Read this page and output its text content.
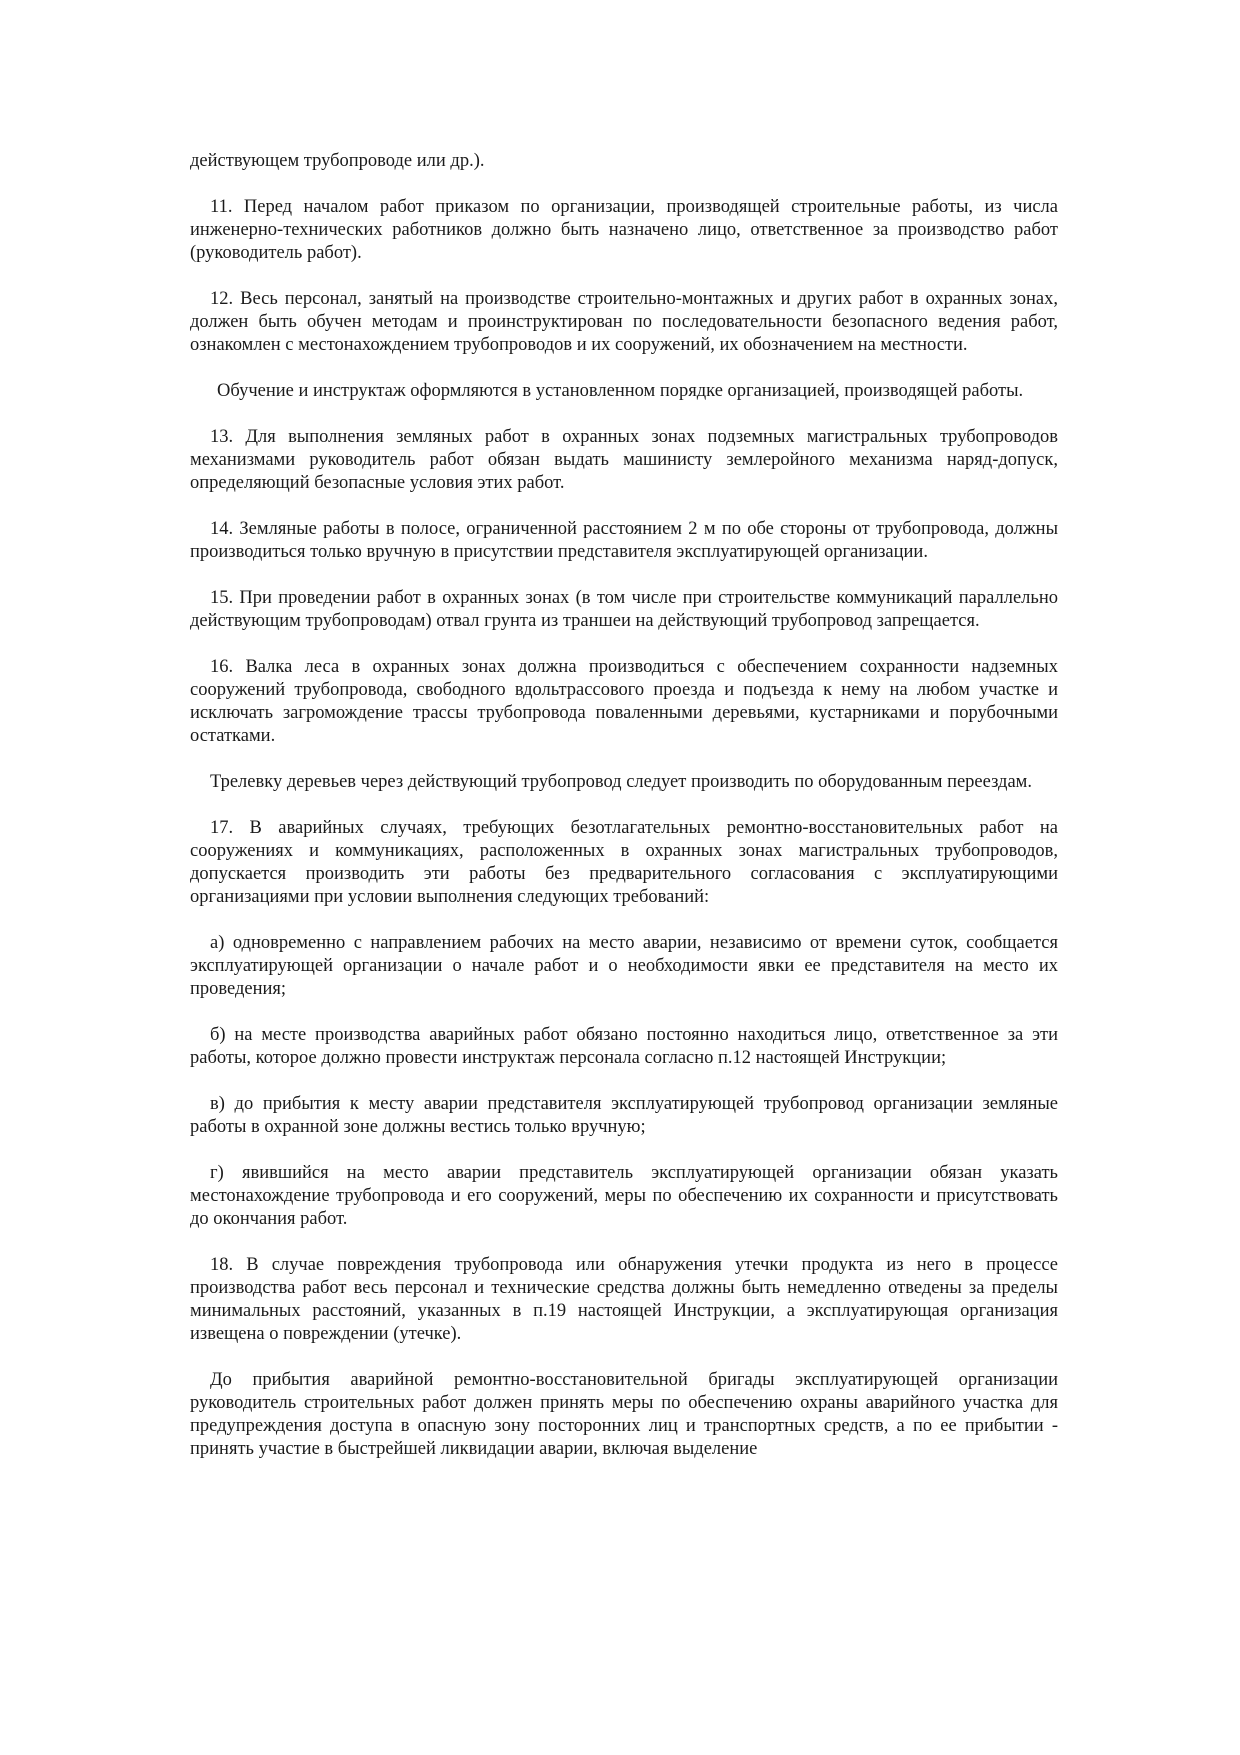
действующем трубопроводе или др.).

11. Перед началом работ приказом по организации, производящей строительные работы, из числа инженерно-технических работников должно быть назначено лицо, ответственное за производство работ (руководитель работ).

12. Весь персонал, занятый на производстве строительно-монтажных и других работ в охранных зонах, должен быть обучен методам и проинструктирован по последовательности безопасного ведения работ, ознакомлен с местонахождением трубопроводов и их сооружений, их обозначением на местности.

Обучение и инструктаж оформляются в установленном порядке организацией, производящей работы.

13. Для выполнения земляных работ в охранных зонах подземных магистральных трубопроводов механизмами руководитель работ обязан выдать машинисту землеройного механизма наряд-допуск, определяющий безопасные условия этих работ.

14. Земляные работы в полосе, ограниченной расстоянием 2 м по обе стороны от трубопровода, должны производиться только вручную в присутствии представителя эксплуатирующей организации.

15. При проведении работ в охранных зонах (в том числе при строительстве коммуникаций параллельно действующим трубопроводам) отвал грунта из траншеи на действующий трубопровод запрещается.

16. Валка леса в охранных зонах должна производиться с обеспечением сохранности надземных сооружений трубопровода, свободного вдольтрассового проезда и подъезда к нему на любом участке и исключать загромождение трассы трубопровода поваленными деревьями, кустарниками и порубочными остатками.

Трелевку деревьев через действующий трубопровод следует производить по оборудованным переездам.

17. В аварийных случаях, требующих безотлагательных ремонтно-восстановительных работ на сооружениях и коммуникациях, расположенных в охранных зонах магистральных трубопроводов, допускается производить эти работы без предварительного согласования с эксплуатирующими организациями при условии выполнения следующих требований:

а) одновременно с направлением рабочих на место аварии, независимо от времени суток, сообщается эксплуатирующей организации о начале работ и о необходимости явки ее представителя на место их проведения;

б) на месте производства аварийных работ обязано постоянно находиться лицо, ответственное за эти работы, которое должно провести инструктаж персонала согласно п.12 настоящей Инструкции;

в) до прибытия к месту аварии представителя эксплуатирующей трубопровод организации земляные работы в охранной зоне должны вестись только вручную;

г) явившийся на место аварии представитель эксплуатирующей организации обязан указать местонахождение трубопровода и его сооружений, меры по обеспечению их сохранности и присутствовать до окончания работ.

18. В случае повреждения трубопровода или обнаружения утечки продукта из него в процессе производства работ весь персонал и технические средства должны быть немедленно отведены за пределы минимальных расстояний, указанных в п.19 настоящей Инструкции, а эксплуатирующая организация извещена о повреждении (утечке).

До прибытия аварийной ремонтно-восстановительной бригады эксплуатирующей организации руководитель строительных работ должен принять меры по обеспечению охраны аварийного участка для предупреждения доступа в опасную зону посторонних лиц и транспортных средств, а по ее прибытии - принять участие в быстрейшей ликвидации аварии, включая выделение
